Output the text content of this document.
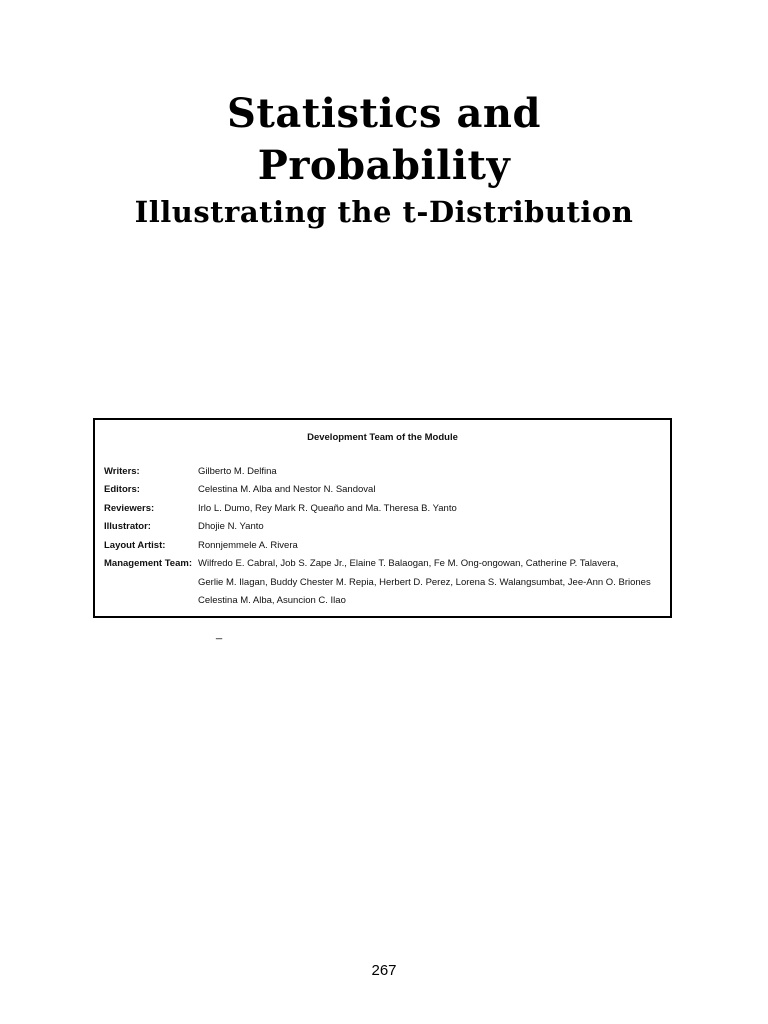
Statistics and
Probability
Illustrating the t-Distribution
Development Team of the Module
Writers:	Gilberto M. Delfina
Editors:	Celestina M. Alba and Nestor N. Sandoval
Reviewers:	Irlo L. Dumo, Rey Mark R. Queaño and Ma. Theresa B. Yanto
Illustrator:	Dhojie N. Yanto
Layout Artist:	Ronnjemmele A. Rivera
Management Team: Wilfredo E. Cabral, Job S. Zape Jr., Elaine T. Balaogan, Fe M. Ong-ongowan, Catherine P. Talavera,
Gerlie M. Ilagan, Buddy Chester M. Repia, Herbert D. Perez, Lorena S. Walangsumbat, Jee-Ann O. Briones
Celestina M. Alba, Asuncion C. Ilao
_
267
